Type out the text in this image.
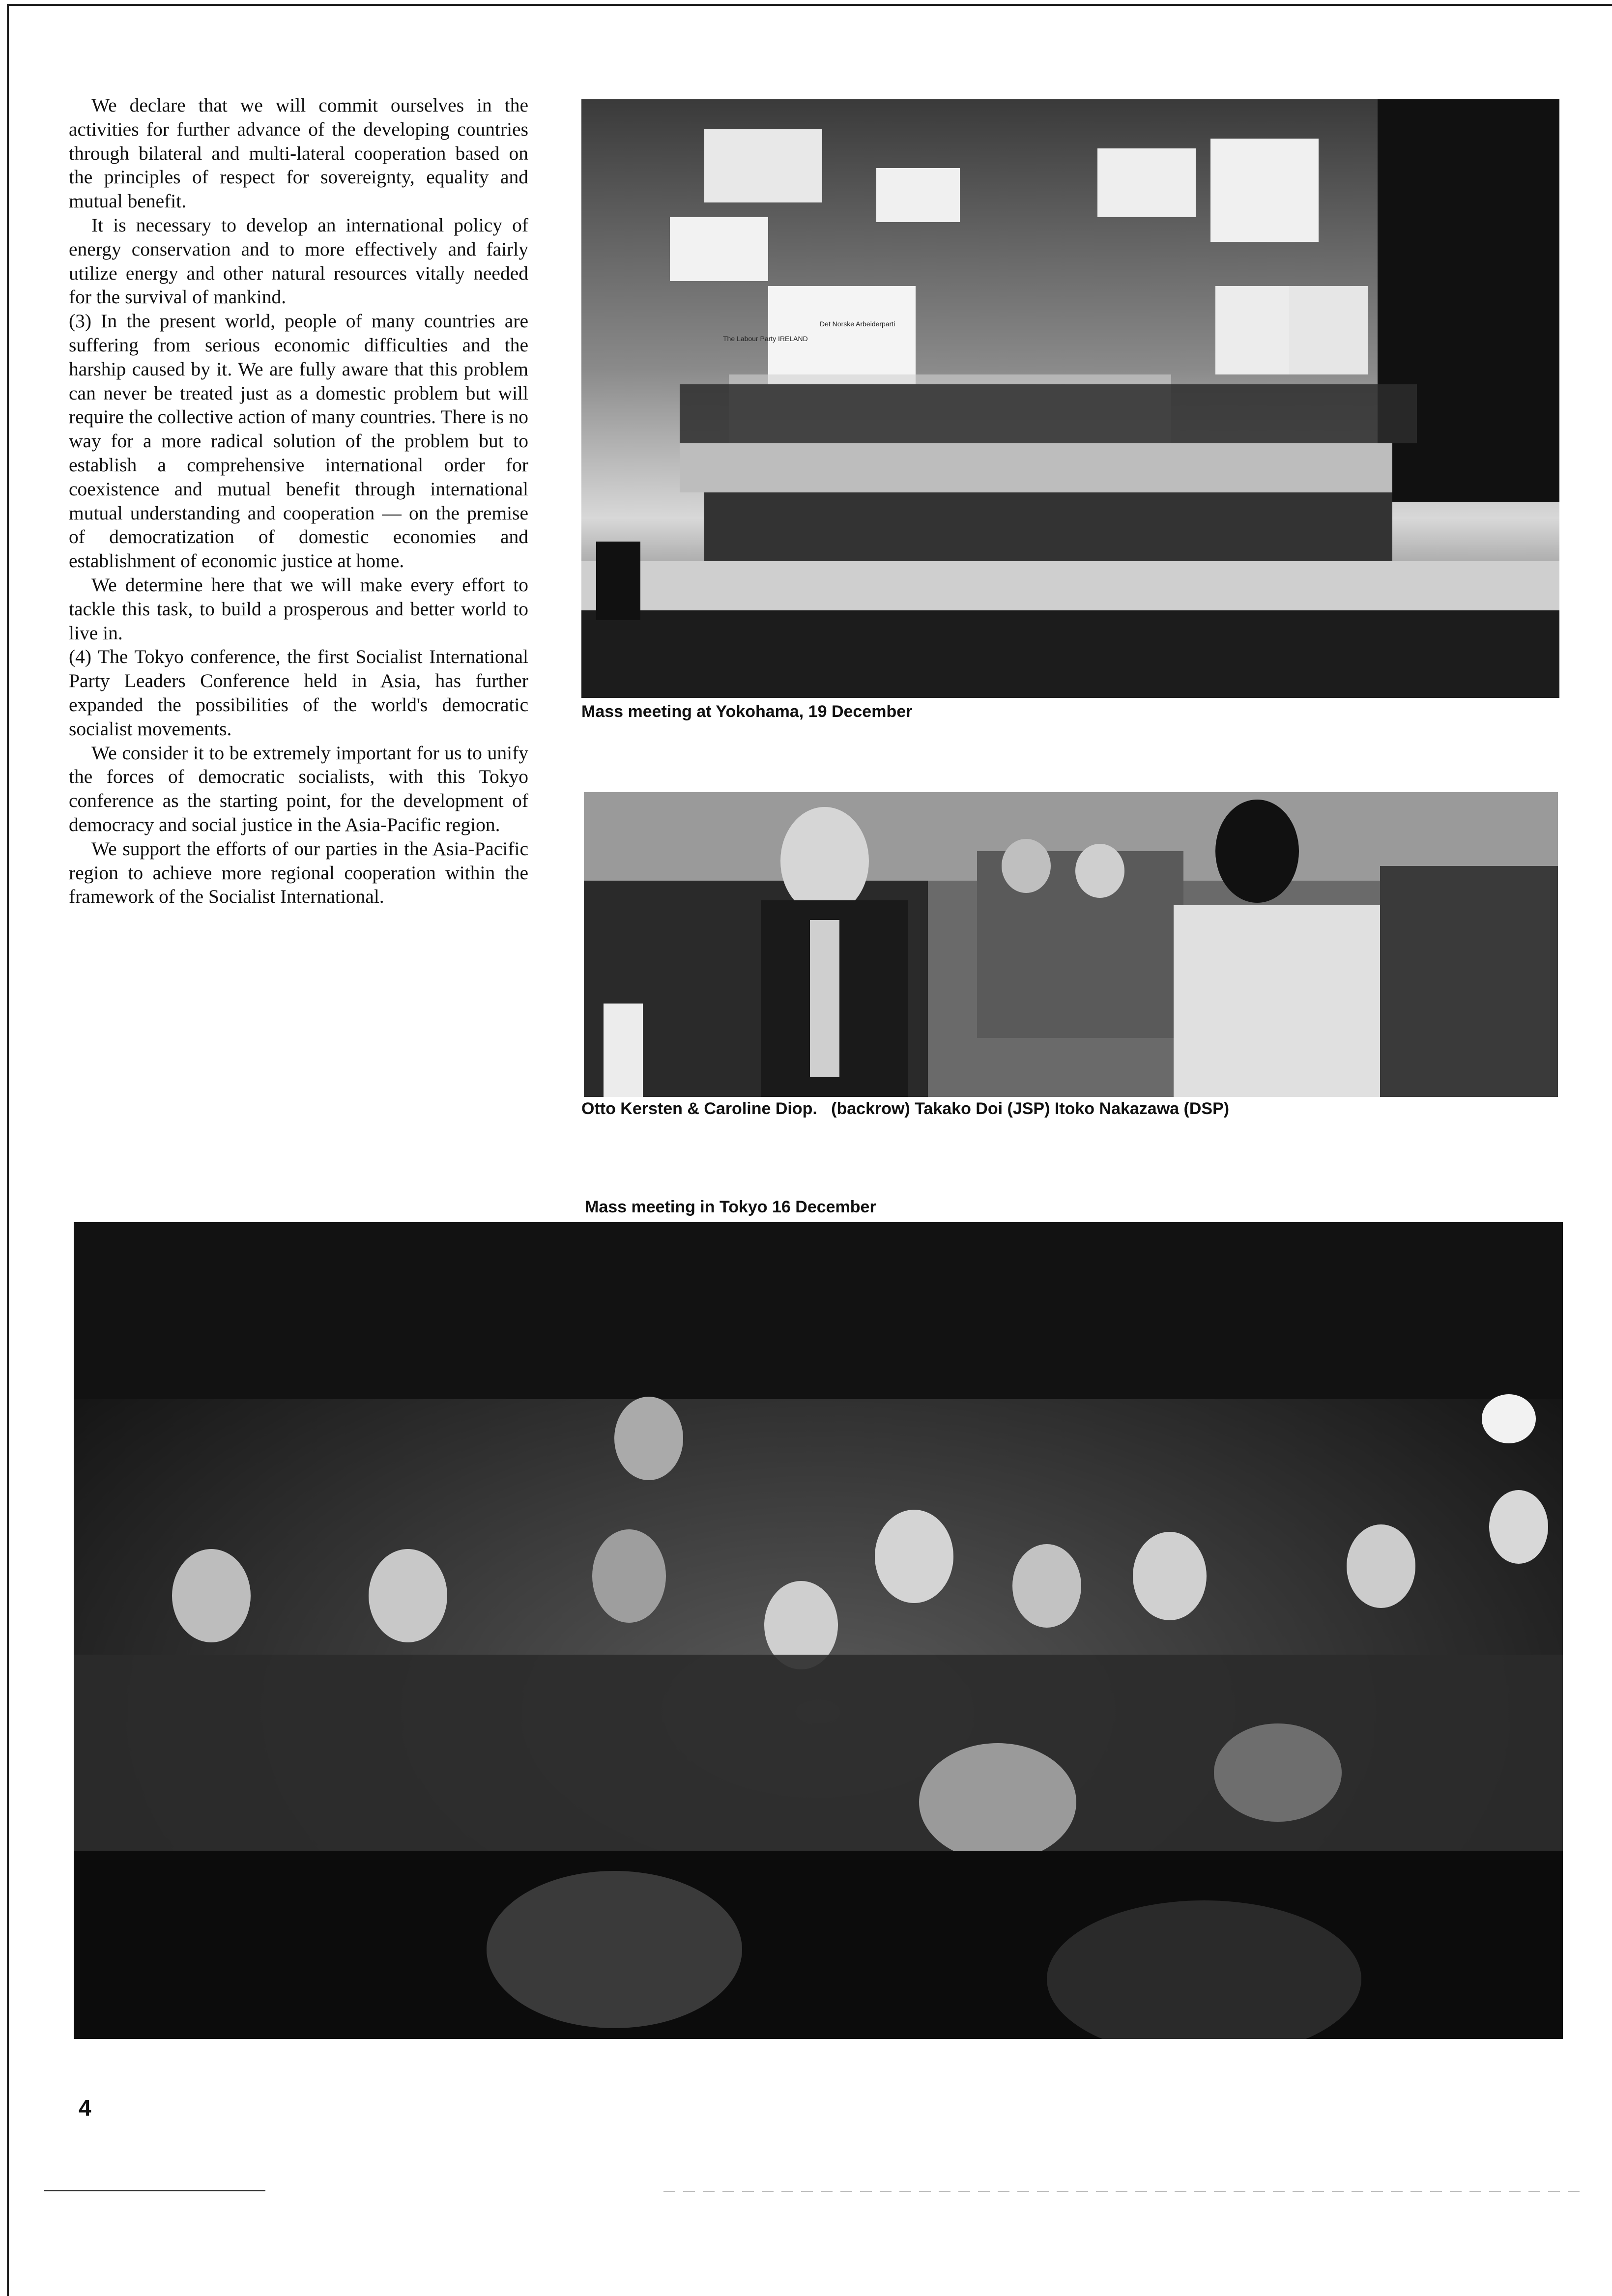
We declare that we will commit ourselves in the activities for further advance of the developing countries through bilateral and multi-lateral cooperation based on the principles of respect for sovereignty, equality and mutual benefit.

It is necessary to develop an international policy of energy conservation and to more effectively and fairly utilize energy and other natural resources vitally needed for the survival of mankind.

(3) In the present world, people of many countries are suffering from serious economic difficulties and the harship caused by it. We are fully aware that this problem can never be treated just as a domestic problem but will require the collective action of many countries. There is no way for a more radical solution of the problem but to establish a comprehensive international order for coexistence and mutual benefit through international mutual understanding and cooperation — on the premise of democratization of domestic economies and establishment of economic justice at home.

We determine here that we will make every effort to tackle this task, to build a prosperous and better world to live in.

(4) The Tokyo conference, the first Socialist International Party Leaders Conference held in Asia, has further expanded the possibilities of the world's democratic socialist movements.

We consider it to be extremely important for us to unify the forces of democratic socialists, with this Tokyo conference as the starting point, for the development of democracy and social justice in the Asia-Pacific region.

We support the efforts of our parties in the Asia-Pacific region to achieve more regional cooperation within the framework of the Socialist International.

The Labour Party IRELAND
Det Norske Arbeiderparti
Mass meeting at Yokohama, 19 December
Otto Kersten & Caroline Diop.   (backrow) Takako Doi (JSP) Itoko Nakazawa (DSP)
Mass meeting in Tokyo 16 December
4
